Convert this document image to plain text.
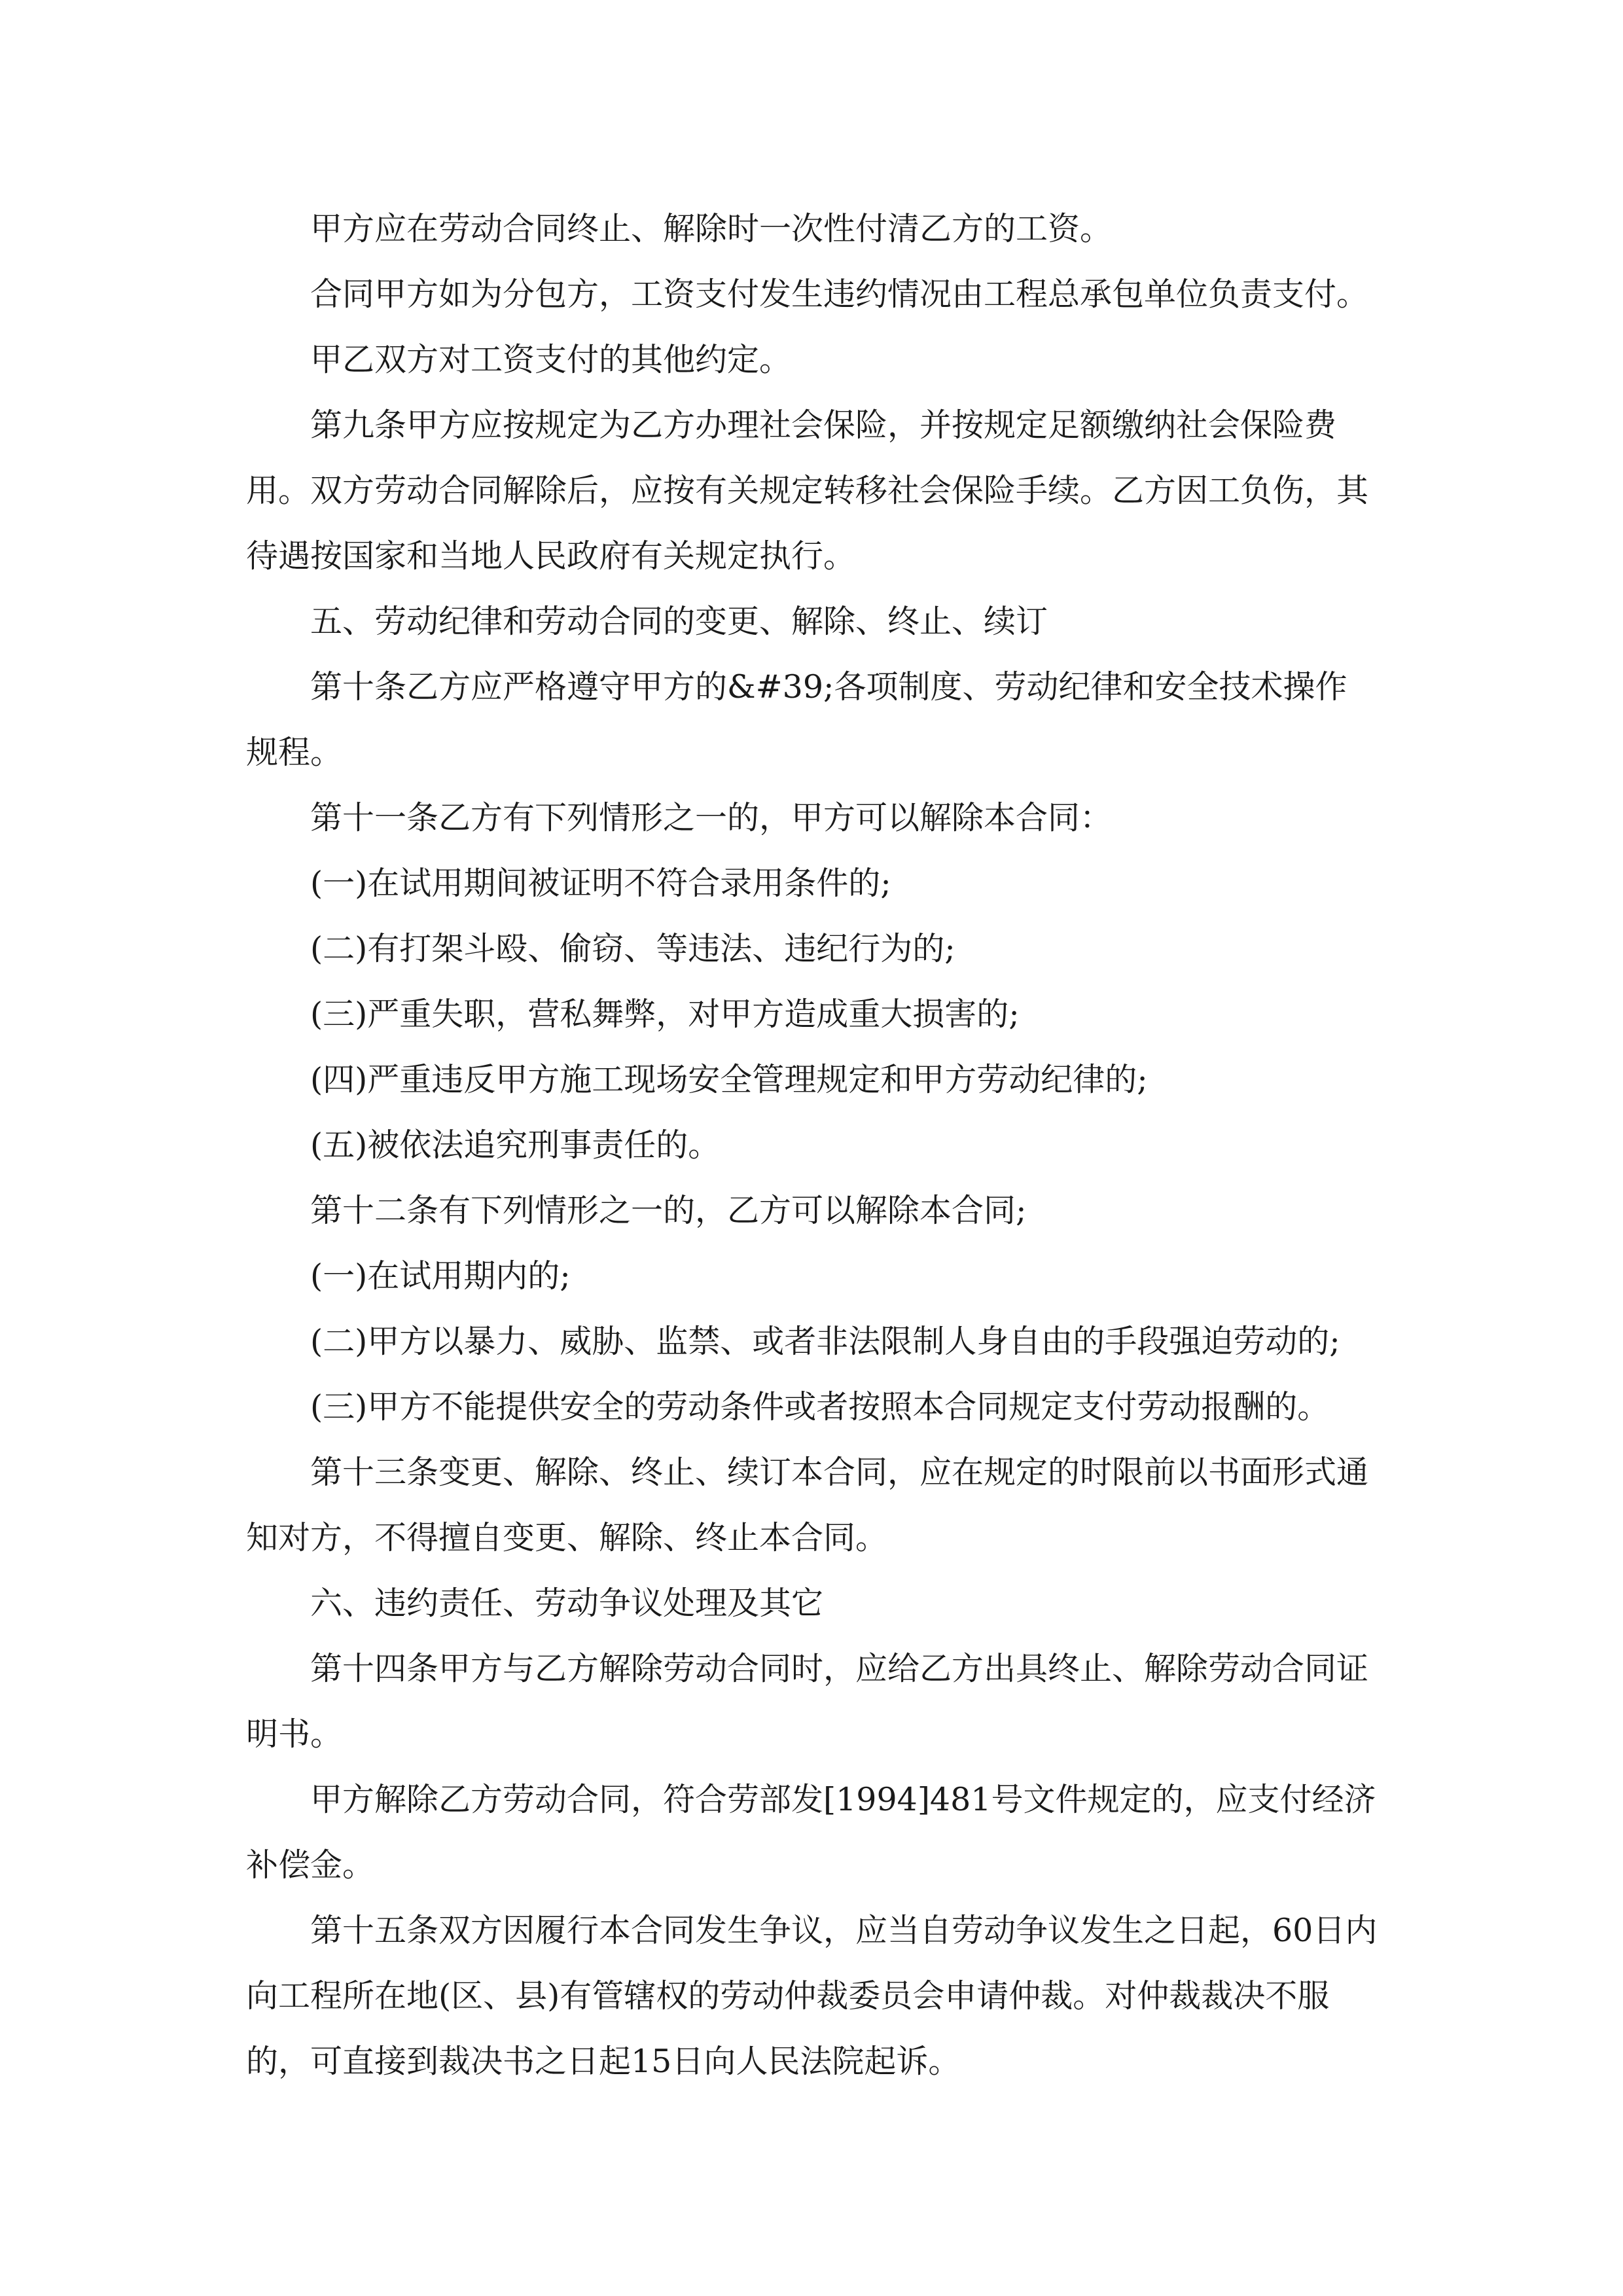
甲方应在劳动合同终止、解除时一次性付清乙方的工资。

合同甲方如为分包方，工资支付发生违约情况由工程总承包单位负责支付。

甲乙双方对工资支付的其他约定。

第九条甲方应按规定为乙方办理社会保险，并按规定足额缴纳社会保险费用。双方劳动合同解除后，应按有关规定转移社会保险手续。乙方因工负伤，其待遇按国家和当地人民政府有关规定执行。

五、劳动纪律和劳动合同的变更、解除、终止、续订

第十条乙方应严格遵守甲方的&#39;各项制度、劳动纪律和安全技术操作规程。

第十一条乙方有下列情形之一的，甲方可以解除本合同：

(一)在试用期间被证明不符合录用条件的;

(二)有打架斗殴、偷窃、等违法、违纪行为的;

(三)严重失职，营私舞弊，对甲方造成重大损害的;

(四)严重违反甲方施工现场安全管理规定和甲方劳动纪律的;

(五)被依法追究刑事责任的。

第十二条有下列情形之一的，乙方可以解除本合同;

(一)在试用期内的;

(二)甲方以暴力、威胁、监禁、或者非法限制人身自由的手段强迫劳动的;

(三)甲方不能提供安全的劳动条件或者按照本合同规定支付劳动报酬的。

第十三条变更、解除、终止、续订本合同，应在规定的时限前以书面形式通知对方，不得擅自变更、解除、终止本合同。

六、违约责任、劳动争议处理及其它

第十四条甲方与乙方解除劳动合同时，应给乙方出具终止、解除劳动合同证明书。

甲方解除乙方劳动合同，符合劳部发[1994]481号文件规定的，应支付经济补偿金。

第十五条双方因履行本合同发生争议，应当自劳动争议发生之日起，60日内向工程所在地(区、县)有管辖权的劳动仲裁委员会申请仲裁。对仲裁裁决不服的，可直接到裁决书之日起15日向人民法院起诉。
